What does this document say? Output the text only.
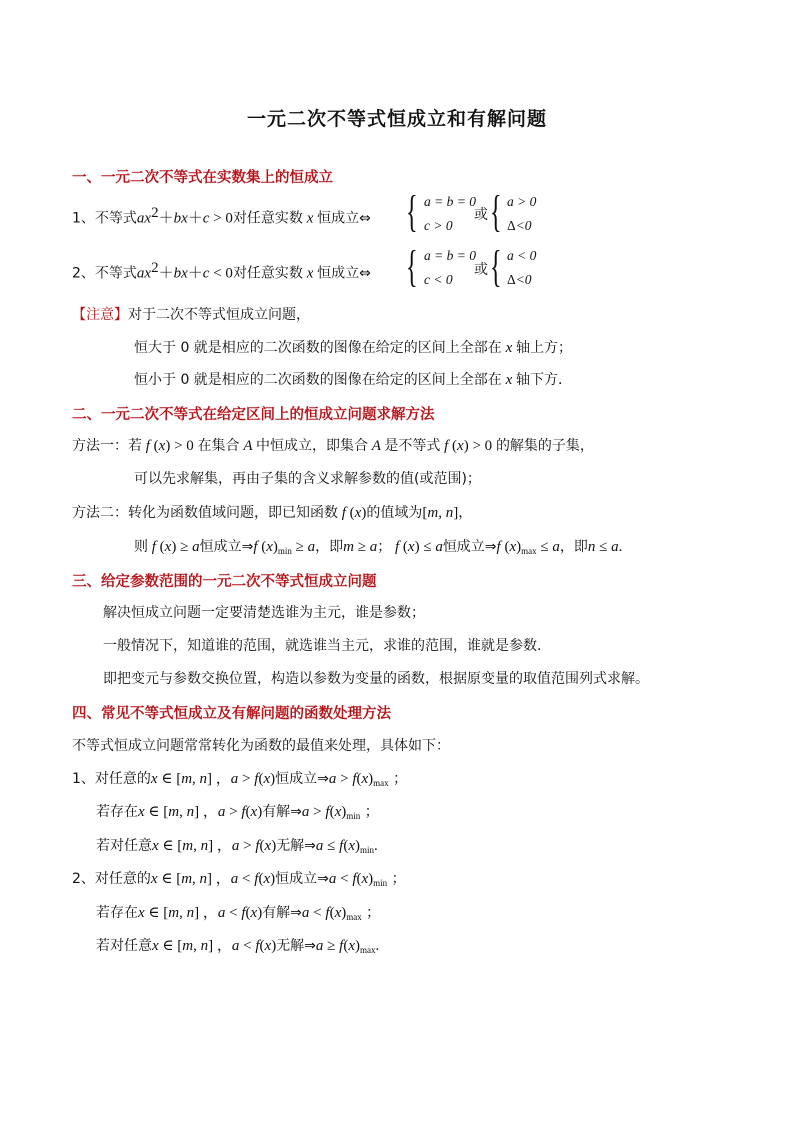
一元二次不等式恒成立和有解问题
一、一元二次不等式在实数集上的恒成立
1、不等式$ax^2+bx+c > 0$对任意实数 x 恒成立⇔ { a = b = 0
c > 0
或 { a > 0
Δ<0
2、不等式$ax^2+bx+c < 0$对任意实数 x 恒成立⇔ { a = b = 0
c < 0
或 { a < 0
Δ<0
【注意】对于二次不等式恒成立问题，
恒大于 0 就是相应的二次函数的图像在给定的区间上全部在 x 轴上方；
恒小于 0 就是相应的二次函数的图像在给定的区间上全部在 x 轴下方．
二、一元二次不等式在给定区间上的恒成立问题求解方法
方法一：若 f (x) > 0 在集合 A 中恒成立，即集合 A 是不等式 f (x) > 0 的解集的子集，
可以先求解集，再由子集的含义求解参数的值(或范围)；
方法二：转化为函数值域问题，即已知函数 f (x)的值域为[m, n]，
则 f (x) ≥ a恒成立⇒f $(x)_{min} \ge a$，即m ≥ a； f (x) ≤ a恒成立⇒f $(x)_{max} \le a$，即n ≤ a.
三、给定参数范围的一元二次不等式恒成立问题
解决恒成立问题一定要清楚选谁为主元，谁是参数；
一般情况下，知道谁的范围，就选谁当主元，求谁的范围，谁就是参数.
即把变元与参数交换位置，构造以参数为变量的函数，根据原变量的取值范围列式求解。
四、常见不等式恒成立及有解问题的函数处理方法
不等式恒成立问题常常转化为函数的最值来处理，具体如下：
1、对任意的x ∈ [m, n] ，a > f(x)恒成立⇒a > $f(x)_{max}$ ；
若存在x ∈ [m, n] ，a > f(x)有解⇒a > $f(x)_{min}$ ；
若对任意x ∈ [m, n] ，a > f(x)无解⇒a ≤ $f(x)_{min}$.
2、对任意的x ∈ [m, n] ，a < f(x)恒成立⇒a < $f(x)_{min}$ ；
若存在x ∈ [m, n] ，a < f(x)有解⇒a < $f(x)_{max}$ ；
若对任意x ∈ [m, n] ，a < f(x)无解⇒a ≥ $f(x)_{max}$.
